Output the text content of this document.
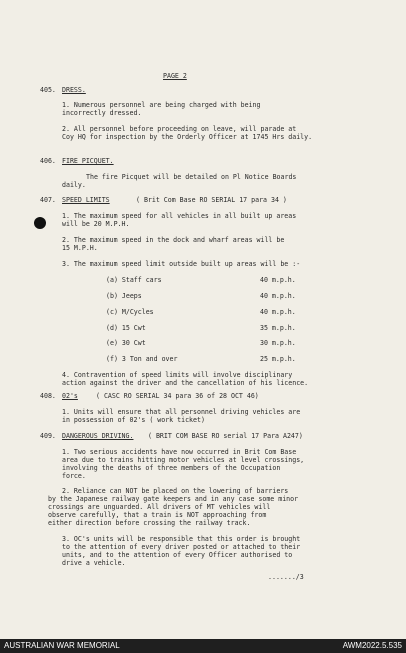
PAGE 2
405. DRESS.
1. Numerous personnel are being charged with being
incorrectly dressed.
2. All personnel before proceeding on leave, will parade at
Coy HQ for inspection by the Orderly Officer at 1745 Hrs daily.
406. FIRE PICQUET.
The fire Picquet will be detailed on Pl Notice Boards
daily.
407. SPEED LIMITS	( Brit Com Base RO SERIAL 17 para 34 )
1. The maximum speed for all vehicles in all built up areas
will be 20 M.P.H.
2. The maximum speed in the dock and wharf areas will be
15 M.P.H.
3. The maximum speed limit outside built up areas will be :-
(a) Staff cars	40 m.p.h.
(b) Jeeps	40 m.p.h.
(c) M/Cycles	40 m.p.h.
(d) 15 Cwt	35 m.p.h.
(e) 30 Cwt	30 m.p.h.
(f) 3 Ton and over	25 m.p.h.
4. Contravention of speed limits will involve disciplinary
action against the driver and the cancellation of his licence.
408. 02's	( CASC RO SERIAL 34 para 36 of 28 OCT 46)
1. Units will ensure that all personnel driving vehicles are
in possession of 02's ( work ticket)
409. DANGEROUS DRIVING. ( BRIT COM BASE RO serial 17 Para A247)
1. Two serious accidents have now occurred in Brit Com Base
area due to trains hitting motor vehicles at level crossings,
involving the deaths of three members of the Occupation
force.
2. Reliance can NOT be placed on the lowering of barriers
by the Japanese railway gate keepers and in any case some minor
crossings are unguarded. All drivers of MT vehicles will
observe carefully, that a train is NOT approaching from
either direction before crossing the railway track.
3. OC's units will be responsible that this order is brought
to the attention of every driver posted or attached to their
units, and to the attention of every Officer authorised to
drive a vehicle.
......./3
AUSTRALIAN WAR MEMORIAL	AWM2022.5.535
